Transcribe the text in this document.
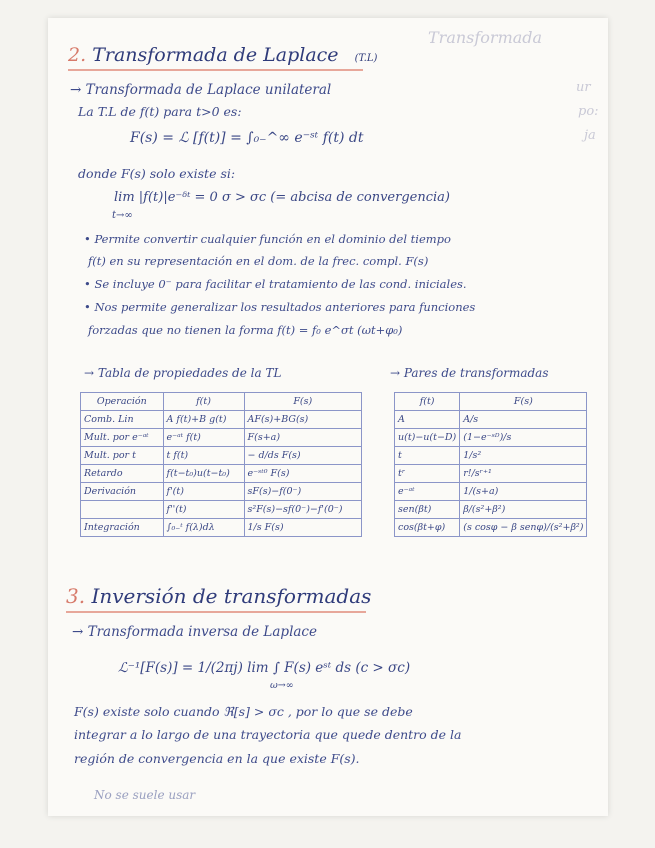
Transformada
ur
po:
ja
2. Transformada de Laplace (T.L)
→ Transformada de Laplace unilateral
La T.L de f(t) para t>0 es:
F(s) = ℒ [f(t)] = ∫₀₋^∞ e⁻ˢᵗ f(t) dt
donde F(s) solo existe si:
lim |f(t)|e⁻ᵟᵗ = 0 σ > σc (= abcisa de convergencia)
t→∞
• Permite convertir cualquier función en el dominio del tiempo
f(t) en su representación en el dom. de la frec. compl. F(s)
• Se incluye 0⁻ para facilitar el tratamiento de las cond. iniciales.
• Nos permite generalizar los resultados anteriores para funciones
forzadas que no tienen la forma f(t) = f₀ e^σt (ωt+φ₀)
→ Tabla de propiedades de la TL
Operación	f(t)	F(s)
Comb. Lin	A f(t)+B g(t)	AF(s)+BG(s)
Mult. por e⁻ᵃᵗ	e⁻ᵃᵗ f(t)	F(s+a)
Mult. por t	t f(t)	− d/ds F(s)
Retardo	f(t−t₀)u(t−t₀)	e⁻ˢᵗ⁰ F(s)
Derivación	f'(t)	sF(s)−f(0⁻)
	f''(t)	s²F(s)−sf(0⁻)−f'(0⁻)
Integración	∫₀₋ᵗ f(λ)dλ	1/s F(s)
→ Pares de transformadas
f(t)	F(s)
A	A/s
u(t)−u(t−D)	(1−e⁻ˢᴰ)/s
t	1/s²
tʳ	r!/sʳ⁺¹
e⁻ᵃᵗ	1/(s+a)
sen(βt)	β/(s²+β²)
cos(βt+φ)	(s cosφ − β senφ)/(s²+β²)
3. Inversión de transformadas
→ Transformada inversa de Laplace
ℒ⁻¹[F(s)] = 1/(2πj) lim ∫ F(s) eˢᵗ ds (c > σc)
ω→∞
F(s) existe solo cuando ℜ[s] > σc , por lo que se debe
integrar a lo largo de una trayectoria que quede dentro de la
región de convergencia en la que existe F(s).
No se suele usar
